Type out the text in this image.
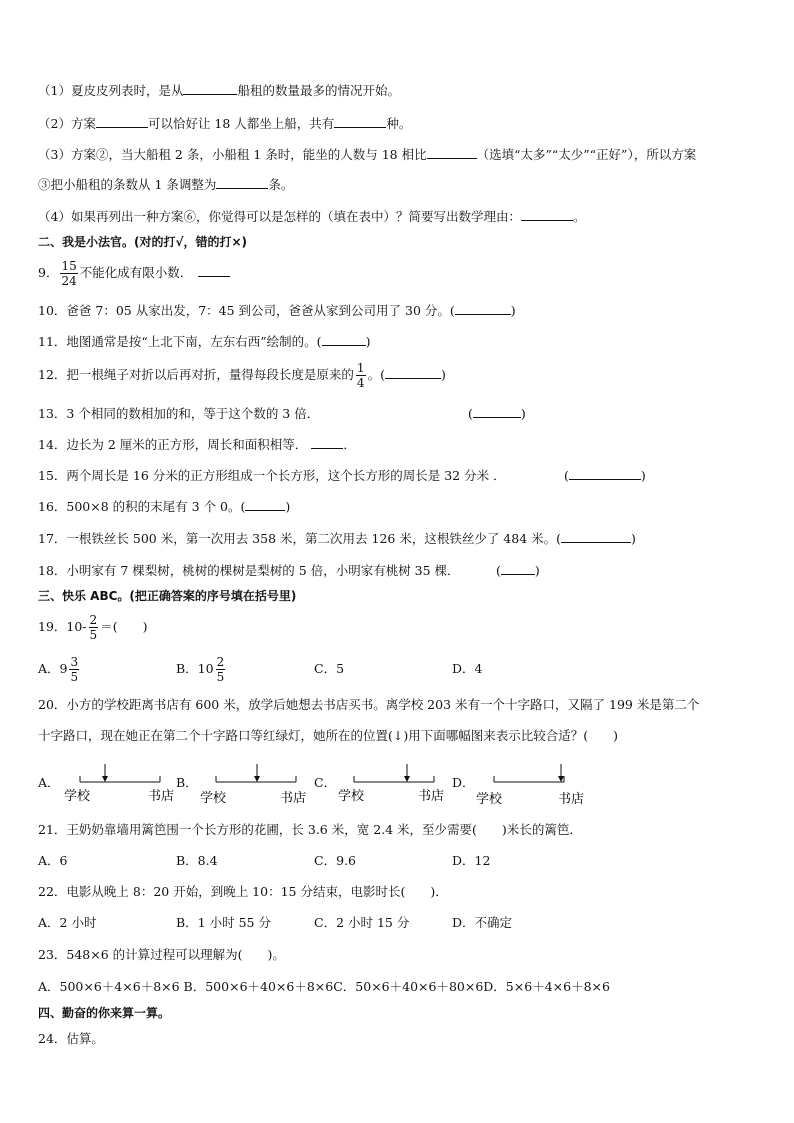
（1）夏皮皮列表时，是从	船租的数量最多的情况开始。
（2）方案	可以恰好让 18 人都坐上船，共有	种。
（3）方案②，当大船租 2 条，小船租 1 条时，能坐的人数与 18 相比	（选填“太多”“太少”“正好”），所以方案
③把小船租的条数从 1 条调整为	条。
（4）如果再列出一种方案⑥，你觉得可以是怎样的（填在表中）？简要写出数学理由：	。
二、我是小法官。(对的打√，错的打×)
9． $\frac{15}{24}$ 不能化成有限小数．
10．爸爸 7：05 从家出发，7：45 到公司，爸爸从家到公司用了 30 分。(	)
11．地图通常是按“上北下南，左东右西”绘制的。(	)
12．把一根绳子对折以后再对折，量得每段长度是原来的 $\frac{1}{4}$ 。(	)
13．3 个相同的数相加的和，等于这个数的 3 倍．	(	)
14．边长为 2 厘米的正方形，周长和面积相等．	．
15．两个周长是 16 分米的正方形组成一个长方形，这个长方形的周长是 32 分米 ．	(	)
16．500×8 的积的末尾有 3 个 0。(	)
17．一根铁丝长 500 米，第一次用去 358 米，第二次用去 126 米，这根铁丝少了 484 米。(	)
18．小明家有 7 棵梨树，桃树的棵树是梨树的 5 倍，小明家有桃树 35 棵．	(	)
三、快乐 ABC。(把正确答案的序号填在括号里)
19．$10- \frac{2}{5}$ ＝(　　)
A．$9 \frac{3}{5}$	B．$10 \frac{2}{5}$	C．5	D．4
20．小方的学校距离书店有 600 米，放学后她想去书店买书。离学校 203 米有一个十字路口，又隔了 199 米是第二个
十字路口，现在她正在第二个十字路口等红绿灯，她所在的位置(↓)用下面哪幅图来表示比较合适？(　　)
A．
学校	书店
B．
学校	书店
C．
学校	书店
D．
学校	书店
21．王奶奶靠墙用篱笆围一个长方形的花圃，长 3.6 米，宽 2.4 米，至少需要(　　)米长的篱笆．
A．6	B．8.4	C．9.6	D．12
22．电影从晚上 8：20 开始，到晚上 10：15 分结束，电影时长(　　)．
A．2 小时	B．1 小时 55 分	C．2 小时 15 分	D．不确定
23．548×6 的计算过程可以理解为(　　)。
A．500×6＋4×6＋8×6 B．500×6＋40×6＋8×6C．50×6＋40×6＋80×6D．5×6＋4×6＋8×6
四、勤奋的你来算一算。
24．估算。
